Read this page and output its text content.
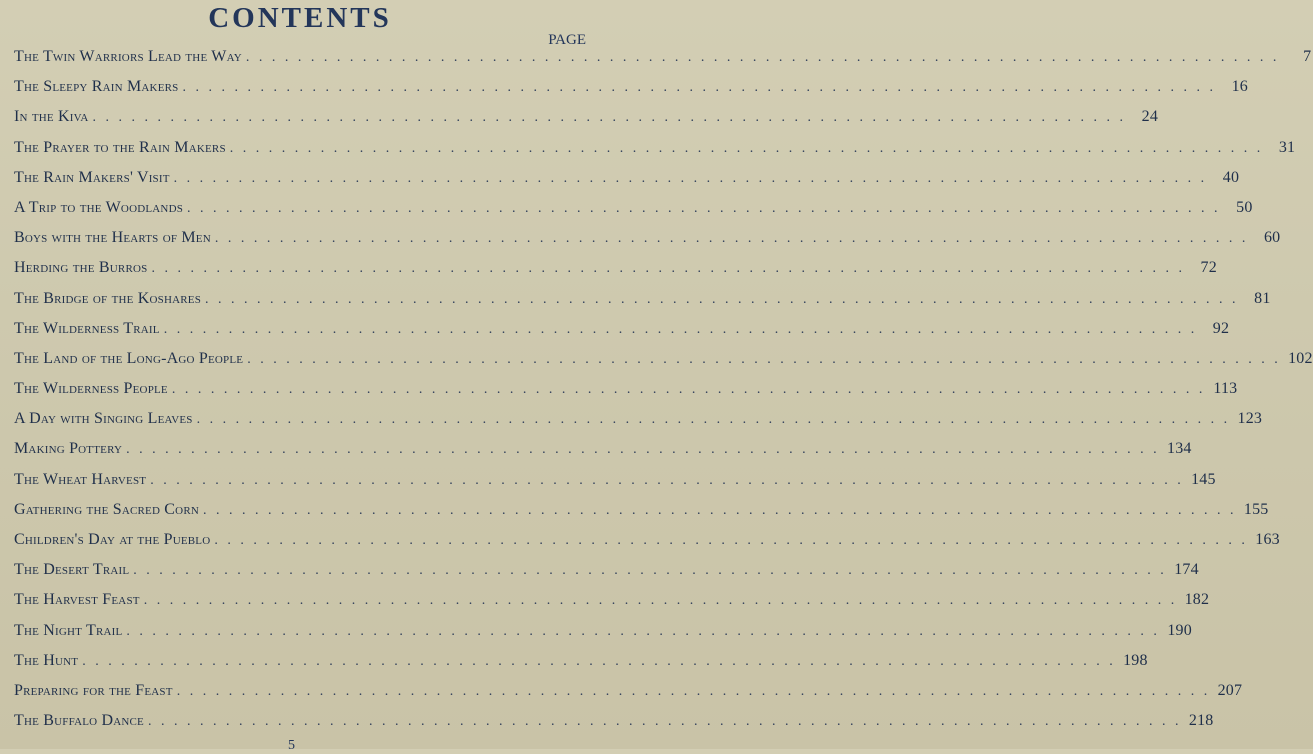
CONTENTS
PAGE
The Twin Warriors Lead the Way . . . . . . . . . . . . . . . . . . . . . . . . . . . . . . . . . . . . . . . . . . . . . . . . . . . . . . . . . . . . . . . . . . . . . . . . . . . . . . . .	7
The Sleepy Rain Makers . . . . . . . . . . . . . . . . . . . . . . . . . . . . . . . . . . . . . . . . . . . . . . . . . . . . . . . . . . . . . . . . . . . . . . . . . . . . . . . . 16
In the Kiva . . . . . . . . . . . . . . . . . . . . . . . . . . . . . . . . . . . . . . . . . . . . . . . . . . . . . . . . . . . . . . . . . . . . . . . . . . . . . . . . 24
The Prayer to the Rain Makers . . . . . . . . . . . . . . . . . . . . . . . . . . . . . . . . . . . . . . . . . . . . . . . . . . . . . . . . . . . . . . . . . . . . . . . . . . . . . . . . 31
The Rain Makers' Visit . . . . . . . . . . . . . . . . . . . . . . . . . . . . . . . . . . . . . . . . . . . . . . . . . . . . . . . . . . . . . . . . . . . . . . . . . . . . . . . . 40
A Trip to the Woodlands . . . . . . . . . . . . . . . . . . . . . . . . . . . . . . . . . . . . . . . . . . . . . . . . . . . . . . . . . . . . . . . . . . . . . . . . . . . . . . . . 50
Boys with the Hearts of Men . . . . . . . . . . . . . . . . . . . . . . . . . . . . . . . . . . . . . . . . . . . . . . . . . . . . . . . . . . . . . . . . . . . . . . . . . . . . . . . . 60
Herding the Burros . . . . . . . . . . . . . . . . . . . . . . . . . . . . . . . . . . . . . . . . . . . . . . . . . . . . . . . . . . . . . . . . . . . . . . . . . . . . . . . . 72
The Bridge of the Koshares . . . . . . . . . . . . . . . . . . . . . . . . . . . . . . . . . . . . . . . . . . . . . . . . . . . . . . . . . . . . . . . . . . . . . . . . . . . . . . . . 81
The Wilderness Trail . . . . . . . . . . . . . . . . . . . . . . . . . . . . . . . . . . . . . . . . . . . . . . . . . . . . . . . . . . . . . . . . . . . . . . . . . . . . . . . . 92
The Land of the Long-Ago People . . . . . . . . . . . . . . . . . . . . . . . . . . . . . . . . . . . . . . . . . . . . . . . . . . . . . . . . . . . . . . . . . . . . . . . . . . . . . . . . 102
The Wilderness People . . . . . . . . . . . . . . . . . . . . . . . . . . . . . . . . . . . . . . . . . . . . . . . . . . . . . . . . . . . . . . . . . . . . . . . . . . . . . . . . 113
A Day with Singing Leaves . . . . . . . . . . . . . . . . . . . . . . . . . . . . . . . . . . . . . . . . . . . . . . . . . . . . . . . . . . . . . . . . . . . . . . . . . . . . . . . . 123
Making Pottery . . . . . . . . . . . . . . . . . . . . . . . . . . . . . . . . . . . . . . . . . . . . . . . . . . . . . . . . . . . . . . . . . . . . . . . . . . . . . . . . 134
The Wheat Harvest . . . . . . . . . . . . . . . . . . . . . . . . . . . . . . . . . . . . . . . . . . . . . . . . . . . . . . . . . . . . . . . . . . . . . . . . . . . . . . . . 145
Gathering the Sacred Corn . . . . . . . . . . . . . . . . . . . . . . . . . . . . . . . . . . . . . . . . . . . . . . . . . . . . . . . . . . . . . . . . . . . . . . . . . . . . . . . . 155
Children's Day at the Pueblo . . . . . . . . . . . . . . . . . . . . . . . . . . . . . . . . . . . . . . . . . . . . . . . . . . . . . . . . . . . . . . . . . . . . . . . . . . . . . . . . 163
The Desert Trail . . . . . . . . . . . . . . . . . . . . . . . . . . . . . . . . . . . . . . . . . . . . . . . . . . . . . . . . . . . . . . . . . . . . . . . . . . . . . . . . 174
The Harvest Feast . . . . . . . . . . . . . . . . . . . . . . . . . . . . . . . . . . . . . . . . . . . . . . . . . . . . . . . . . . . . . . . . . . . . . . . . . . . . . . . . 182
The Night Trail . . . . . . . . . . . . . . . . . . . . . . . . . . . . . . . . . . . . . . . . . . . . . . . . . . . . . . . . . . . . . . . . . . . . . . . . . . . . . . . . 190
The Hunt . . . . . . . . . . . . . . . . . . . . . . . . . . . . . . . . . . . . . . . . . . . . . . . . . . . . . . . . . . . . . . . . . . . . . . . . . . . . . . . . 198
Preparing for the Feast . . . . . . . . . . . . . . . . . . . . . . . . . . . . . . . . . . . . . . . . . . . . . . . . . . . . . . . . . . . . . . . . . . . . . . . . . . . . . . . . 207
The Buffalo Dance . . . . . . . . . . . . . . . . . . . . . . . . . . . . . . . . . . . . . . . . . . . . . . . . . . . . . . . . . . . . . . . . . . . . . . . . . . . . . . . . 218
5
